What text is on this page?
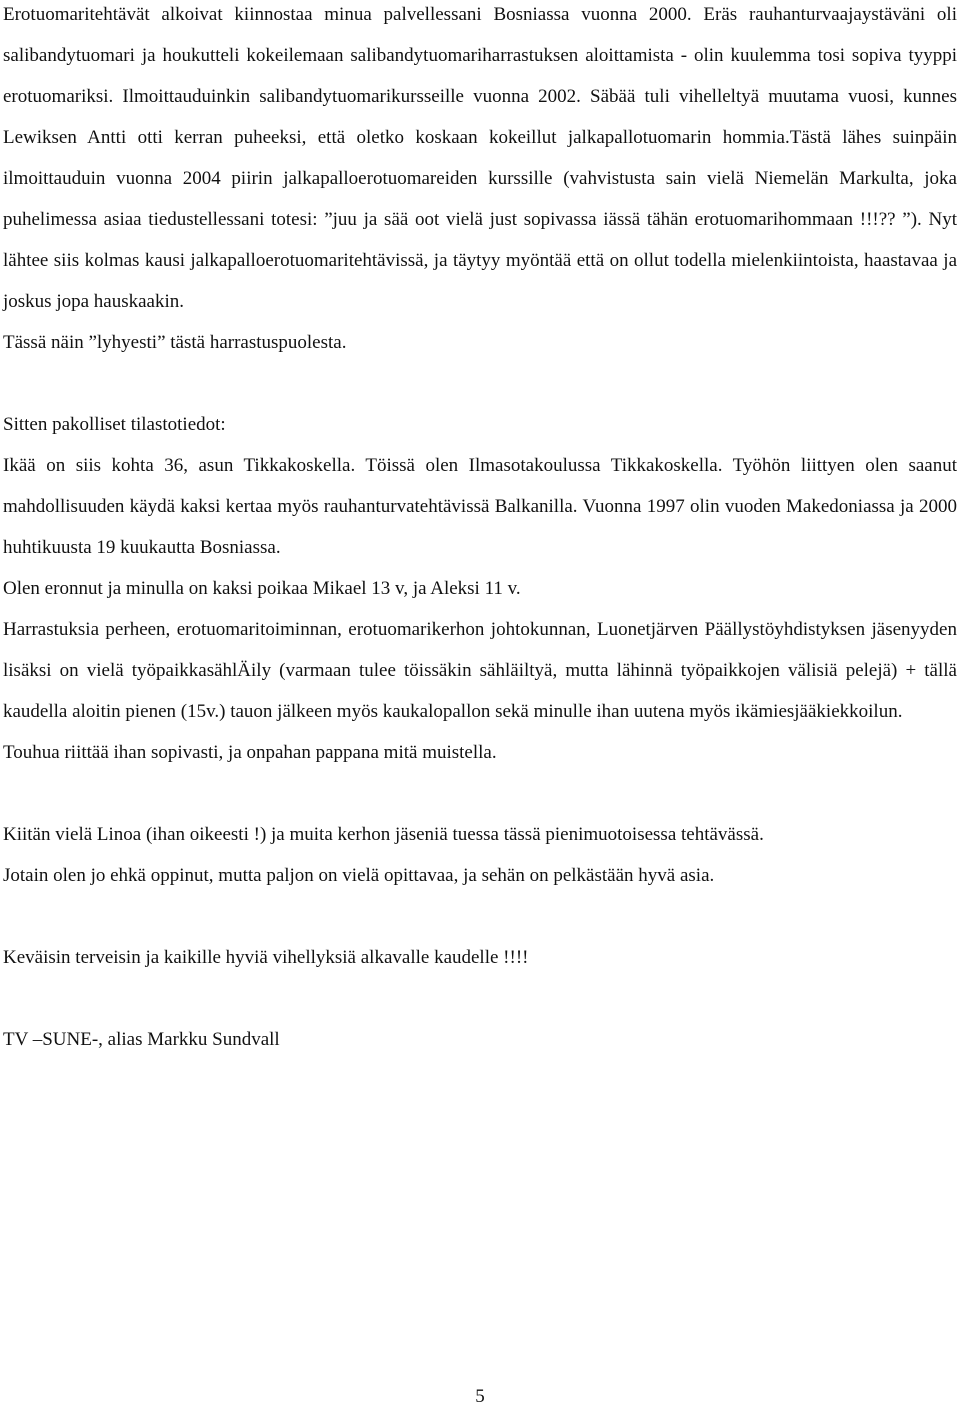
Erotuomaritehtävät alkoivat kiinnostaa minua palvellessani Bosniassa vuonna 2000. Eräs rauhanturvaajaystäväni oli salibandytuomari ja houkutteli kokeilemaan salibandytuomariharrastuksen aloittamista - olin kuulemma tosi sopiva tyyppi erotuomariksi. Ilmoittauduinkin salibandytuomarikursseille vuonna 2002. Säbää tuli vihelleltyä muutama vuosi, kunnes Lewiksen Antti otti kerran puheeksi, että oletko koskaan kokeillut jalkapallotuomarin hommia.Tästä lähes suinpäin ilmoittauduin vuonna 2004 piirin jalkapalloerotuomareiden kurssille (vahvistusta sain vielä Niemelän Markulta, joka puhelimessa asiaa tiedustellessani totesi: ”juu ja sää oot vielä just sopivassa iässä tähän erotuomarihommaan !!!?? ”). Nyt lähtee siis kolmas kausi jalkapalloerotuomaritehtävissä, ja täytyy myöntää että on ollut todella mielenkiintoista, haastavaa ja joskus jopa hauskaakin.

Tässä näin ”lyhyesti” tästä harrastuspuolesta.

Sitten pakolliset tilastotiedot:

Ikää on siis kohta 36, asun Tikkakoskella. Töissä olen Ilmasotakoulussa Tikkakoskella. Työhön liittyen olen saanut mahdollisuuden käydä kaksi kertaa myös rauhanturvatehtävissä Balkanilla. Vuonna 1997 olin vuoden Makedoniassa ja 2000 huhtikuusta 19 kuukautta Bosniassa.

Olen eronnut ja minulla on kaksi poikaa Mikael 13 v, ja Aleksi 11 v.

Harrastuksia perheen, erotuomaritoiminnan, erotuomarikerhon johtokunnan, Luonetjärven Päällystöyhdistyksen jäsenyyden lisäksi on vielä työpaikkasählÄily (varmaan tulee töissäkin sähläiltyä, mutta lähinnä työpaikkojen välisiä pelejä) + tällä kaudella aloitin pienen (15v.) tauon jälkeen myös kaukalopallon sekä minulle ihan uutena myös ikämiesjääkiekkoilun.

Touhua riittää ihan sopivasti, ja onpahan pappana mitä muistella.

Kiitän vielä Linoa (ihan oikeesti !) ja muita kerhon jäseniä tuessa tässä pienimuotoisessa tehtävässä.

Jotain olen jo ehkä oppinut, mutta paljon on vielä opittavaa, ja sehän on pelkästään hyvä asia.

Keväisin terveisin ja kaikille hyviä vihellyksiä alkavalle kaudelle !!!!

TV –SUNE-, alias Markku Sundvall

5
